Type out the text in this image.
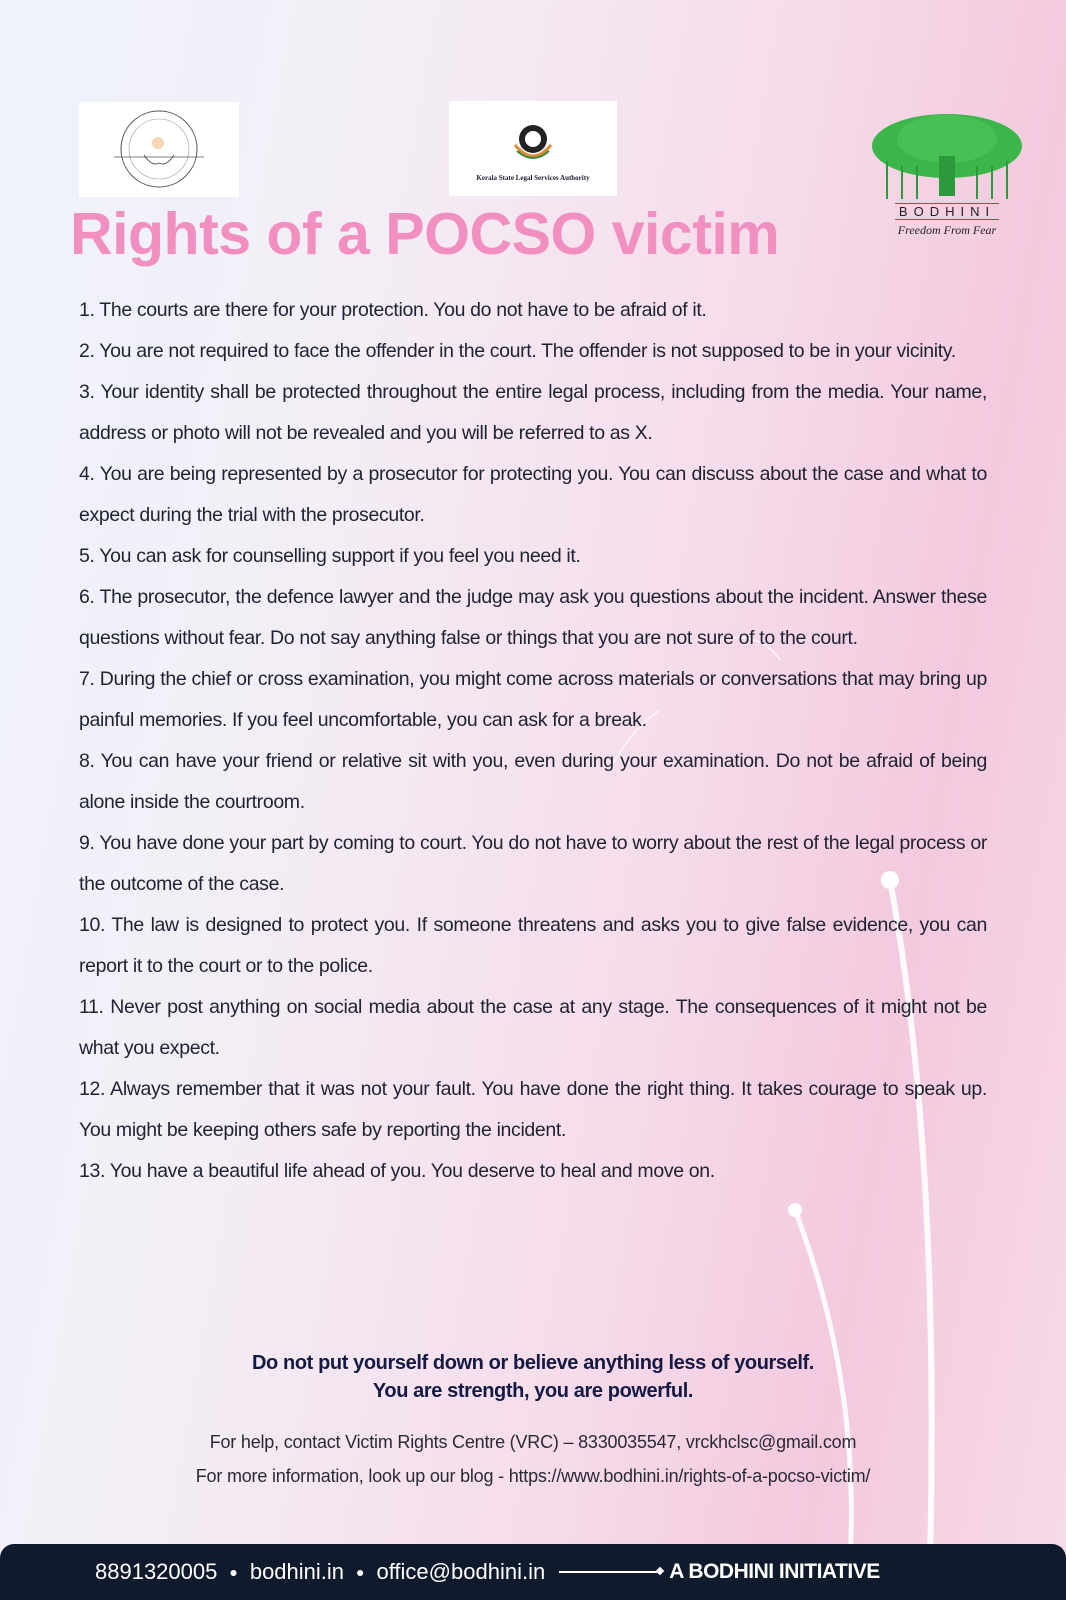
Kerala State Legal Services Authority
BODHINI
Freedom From Fear
Rights of a POCSO victim
1. The courts are there for your protection. You do not have to be afraid of it.
2. You are not required to face the offender in the court. The offender is not supposed to be in your vicinity.
3. Your identity shall be protected throughout the entire legal process, including from the media. Your name, address or photo will not be revealed and you will be referred to as X.
4. You are being represented by a prosecutor for protecting you. You can discuss about the case and what to expect during the trial with the prosecutor.
5. You can ask for counselling support if you feel you need it.
6. The prosecutor, the defence lawyer and the judge may ask you questions about the incident. Answer these questions without fear. Do not say anything false or things that you are not sure of to the court.
7. During the chief or cross examination, you might come across materials or conversations that may bring up painful memories. If you feel uncomfortable, you can ask for a break.
8. You can have your friend or relative sit with you, even during your examination. Do not be afraid of being alone inside the courtroom.
9. You have done your part by coming to court. You do not have to worry about the rest of the legal process or the outcome of the case.
10. The law is designed to protect you. If someone threatens and asks you to give false evidence, you can report it to the court or to the police.
11. Never post anything on social media about the case at any stage. The consequences of it might not be what you expect.
12. Always remember that it was not your fault. You have done the right thing. It takes courage to speak up. You might be keeping others safe by reporting the incident.
13. You have a beautiful life ahead of you. You deserve to heal and move on.
Do not put yourself down or believe anything less of yourself.
You are strength, you are powerful.
For help, contact Victim Rights Centre (VRC) – 8330035547, vrckhclsc@gmail.com
For more information, look up our blog - https://www.bodhini.in/rights-of-a-pocso-victim/
8891320005 ● bodhini.in ● office@bodhini.in	A BODHINI INITIATIVE
